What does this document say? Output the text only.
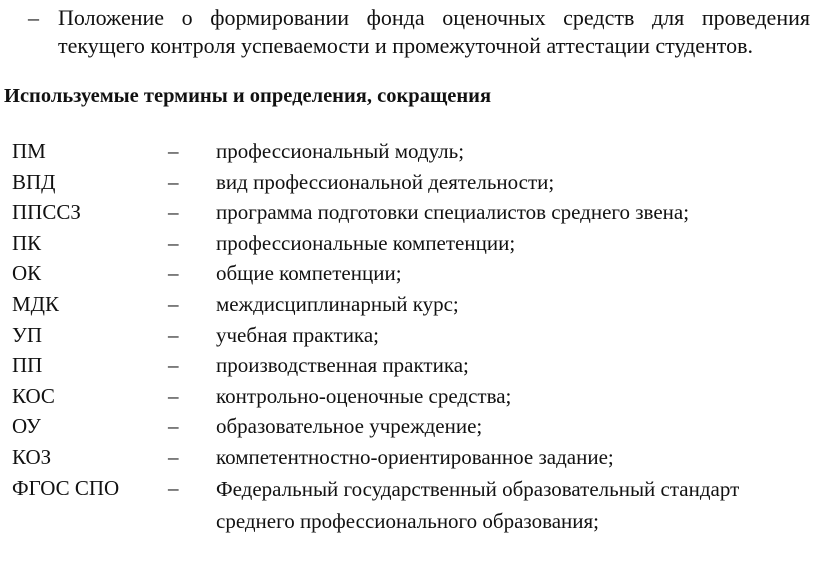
– Положение о формировании фонда оценочных средств для проведения текущего контроля успеваемости и промежуточной аттестации студентов.
Используемые термины и определения, сокращения
ПМ	– профессиональный модуль;
ВПД	– вид профессиональной деятельности;
ППССЗ	– программа подготовки специалистов среднего звена;
ПК	– профессиональные компетенции;
ОК	– общие компетенции;
МДК	– междисциплинарный курс;
УП	– учебная практика;
ПП	– производственная практика;
КОС	– контрольно-оценочные средства;
ОУ	– образовательное учреждение;
КОЗ	– компетентностно-ориентированное задание;
ФГОС СПО – Федеральный государственный образовательный стандарт среднего профессионального образования;
